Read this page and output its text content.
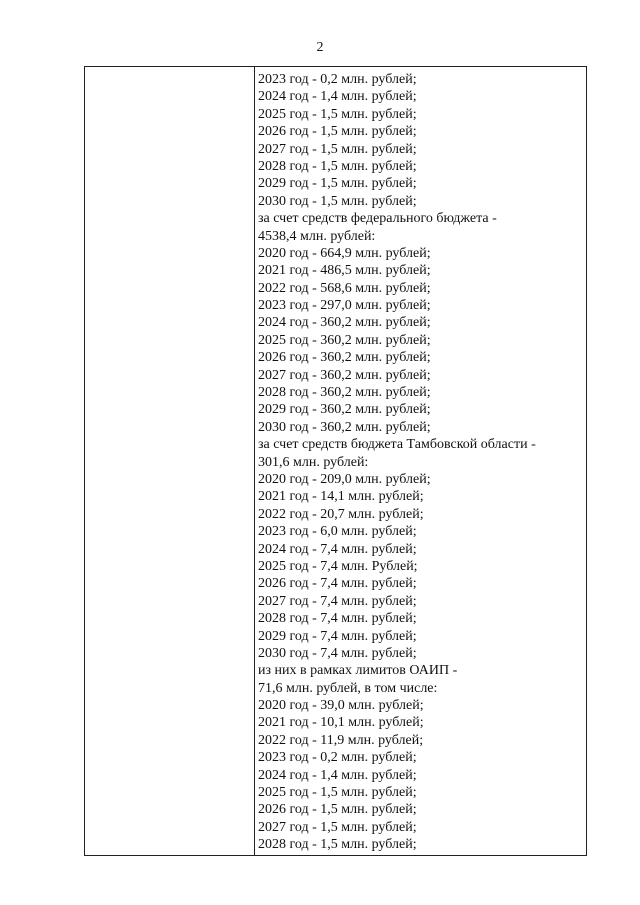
2
2023 год - 0,2 млн. рублей;
2024 год - 1,4 млн. рублей;
2025 год - 1,5 млн. рублей;
2026 год - 1,5 млн. рублей;
2027 год - 1,5 млн. рублей;
2028 год - 1,5 млн. рублей;
2029 год - 1,5 млн. рублей;
2030 год - 1,5 млн. рублей;
за счет средств федерального бюджета -
4538,4 млн. рублей:
2020 год - 664,9 млн. рублей;
2021 год - 486,5 млн. рублей;
2022 год - 568,6 млн. рублей;
2023 год - 297,0 млн. рублей;
2024 год - 360,2 млн. рублей;
2025 год - 360,2 млн. рублей;
2026 год - 360,2 млн. рублей;
2027 год - 360,2 млн. рублей;
2028 год - 360,2 млн. рублей;
2029 год - 360,2 млн. рублей;
2030 год - 360,2 млн. рублей;
за счет средств бюджета Тамбовской области -
301,6 млн. рублей:
2020 год - 209,0 млн. рублей;
2021 год - 14,1 млн. рублей;
2022 год - 20,7 млн. рублей;
2023 год - 6,0 млн. рублей;
2024 год - 7,4 млн. рублей;
2025 год - 7,4 млн. Рублей;
2026 год - 7,4 млн. рублей;
2027 год - 7,4 млн. рублей;
2028 год - 7,4 млн. рублей;
2029 год - 7,4 млн. рублей;
2030 год - 7,4 млн. рублей;
из них в рамках лимитов ОАИП -
71,6 млн. рублей, в том числе:
2020 год - 39,0 млн. рублей;
2021 год - 10,1 млн. рублей;
2022 год - 11,9 млн. рублей;
2023 год - 0,2 млн. рублей;
2024 год - 1,4 млн. рублей;
2025 год - 1,5 млн. рублей;
2026 год - 1,5 млн. рублей;
2027 год - 1,5 млн. рублей;
2028 год - 1,5 млн. рублей;
